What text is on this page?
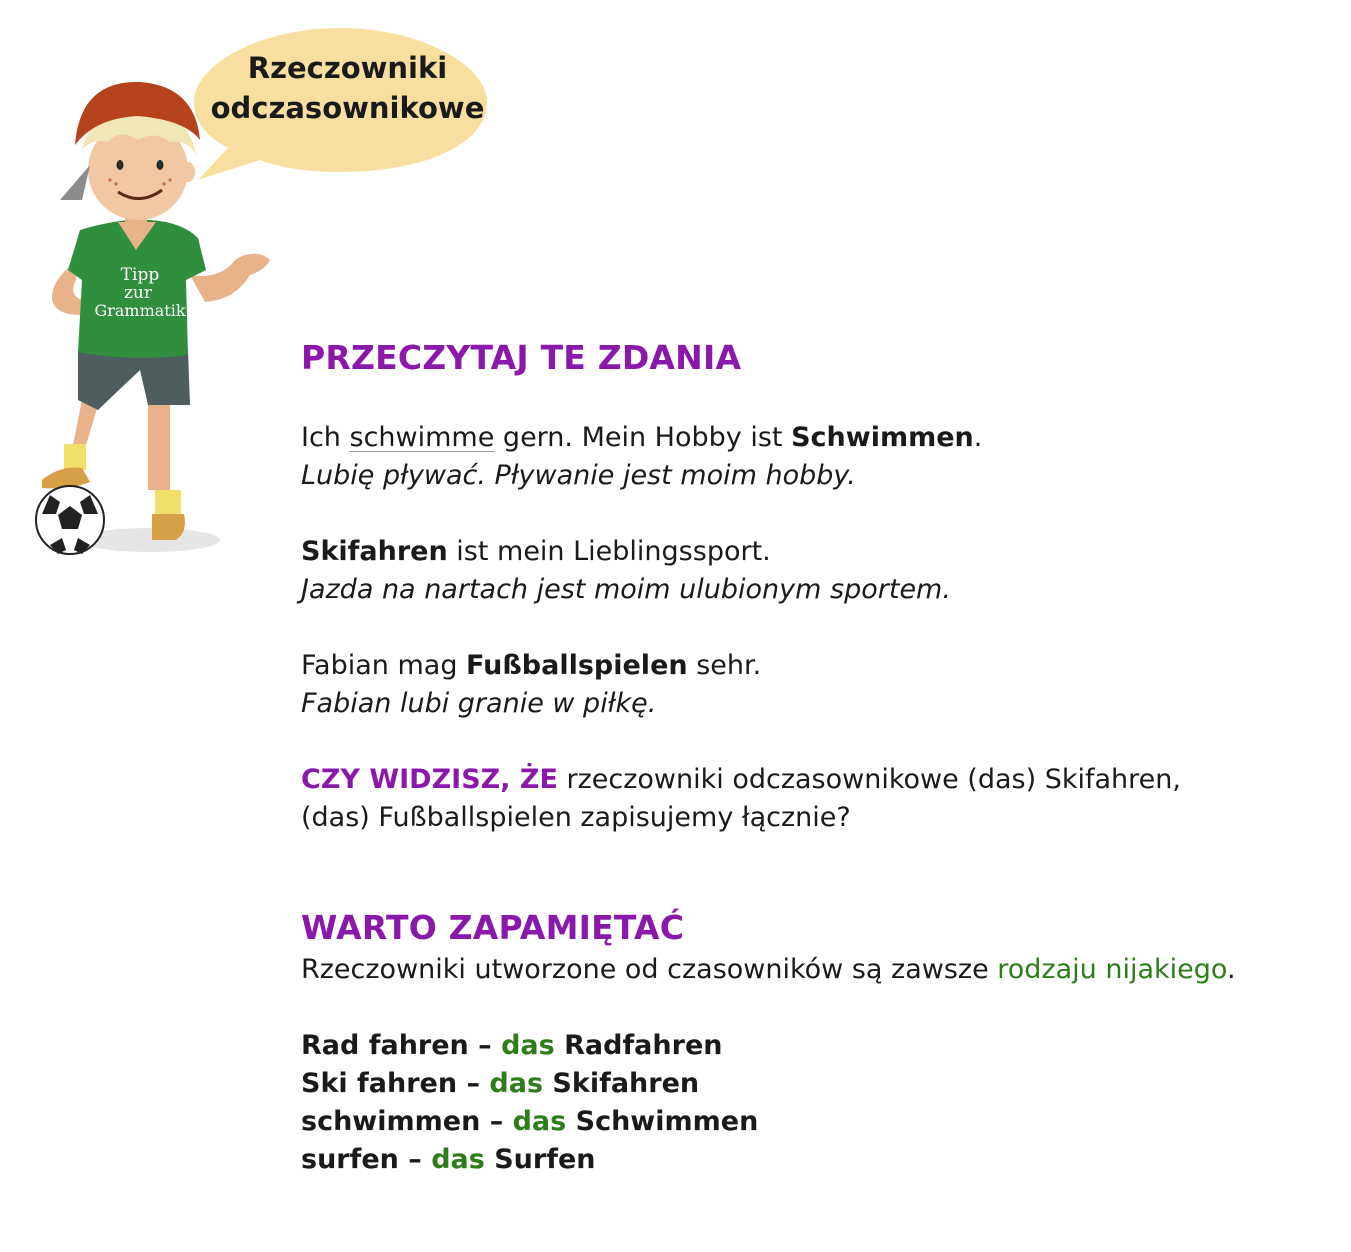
Rzeczowniki
odczasownikowe
Tipp
zur
Grammatik
PRZECZYTAJ TE ZDANIA
Ich schwimme gern. Mein Hobby ist Schwimmen.
Lubię pływać. Pływanie jest moim hobby.
Skifahren ist mein Lieblingssport.
Jazda na nartach jest moim ulubionym sportem.
Fabian mag Fußballspielen sehr.
Fabian lubi granie w piłkę.
CZY WIDZISZ, ŻE rzeczowniki odczasownikowe (das) Skifahren,
(das) Fußballspielen zapisujemy łącznie?
WARTO ZAPAMIĘTAĆ
Rzeczowniki utworzone od czasowników są zawsze rodzaju nijakiego.
Rad fahren – das Radfahren
Ski fahren – das Skifahren
schwimmen – das Schwimmen
surfen – das Surfen
